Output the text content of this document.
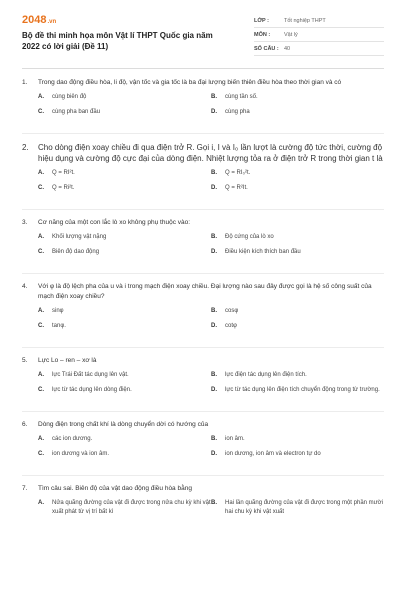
2048.vn
Bộ đề thi minh họa môn Vật lí THPT Quốc gia năm 2022 có lời giải (Đề 11)
LỚP :	Tốt nghiệp THPT
MÔN :	Vật lý
SỐ CÂU : 40
1.	Trong dao động điều hòa, li độ, vận tốc và gia tốc là ba đại lượng biến thiên điều hòa theo thời gian và có
A.	cùng biên độ	B.	cùng tần số.
C.	cùng pha ban đầu	D.	cùng pha
2.	Cho dòng điện xoay chiều đi qua điện trở R. Gọi i, I và I₀ lần lượt là cường độ tức thời, cường độ hiệu dụng và cường độ cực đại của dòng điện. Nhiệt lượng tỏa ra ở điện trở R trong thời gian t là
A.	Q = RI²t.	B.	Q = RI₀²t.
C.	Q = Ri²t.	D.	Q = R²It.
3.	Cơ năng của một con lắc lò xo không phụ thuộc vào:
A.	Khối lượng vật nặng	B.	Độ cứng của lò xo
C.	Biên độ dao động	D.	Điều kiện kích thích ban đầu
4.	Với φ là độ lệch pha của u và i trong mạch điện xoay chiều. Đại lượng nào sau đây được gọi là hệ số công suất của mạch điện xoay chiều?
A.	sinφ	B.	cosφ
C.	tanφ.	D.	cotφ
5.	Lực Lo – ren – xơ là
A.	lực Trái Đất tác dụng lên vật.	B.	lực điện tác dụng lên điện tích.
C.	lực từ tác dụng lên dòng điện.	D.	lực từ tác dụng lên điện tích chuyển động trong từ trường.
6.	Dòng điện trong chất khí là dòng chuyển dời có hướng của
A.	các ion dương.	B.	ion âm.
C.	ion dương và ion âm.	D.	ion dương, ion âm và electron tự do
7.	Tìm câu sai. Biên độ của vật dao động điều hòa bằng
A.	Nửa quãng đường của vật đi được trong nửa chu kỳ khi vật xuất phát từ vị trí bất kì
B.	Hai lần quãng đường của vật đi được trong một phần mười hai chu kỳ khi vật xuất
